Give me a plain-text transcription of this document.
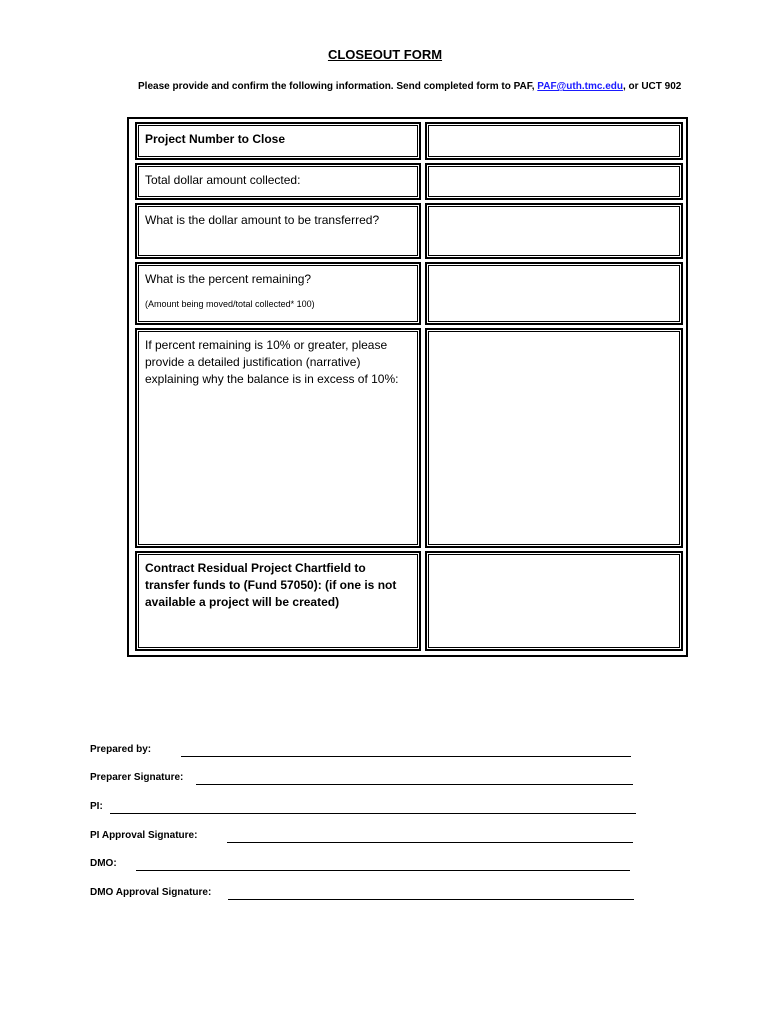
CLOSEOUT FORM
Please provide and confirm the following information. Send completed form to PAF, PAF@uth.tmc.edu, or UCT 902
Project Number to Close
Total dollar amount collected:
What is the dollar amount to be transferred?
What is the percent remaining?
(Amount being moved/total collected* 100)
If percent remaining is 10% or greater, please provide a detailed justification (narrative) explaining why the balance is in excess of 10%:
Contract Residual Project Chartfield to transfer funds to (Fund 57050): (if one is not available a project will be created)
Prepared by:
Preparer Signature:
PI:
PI Approval Signature:
DMO:
DMO Approval Signature:
